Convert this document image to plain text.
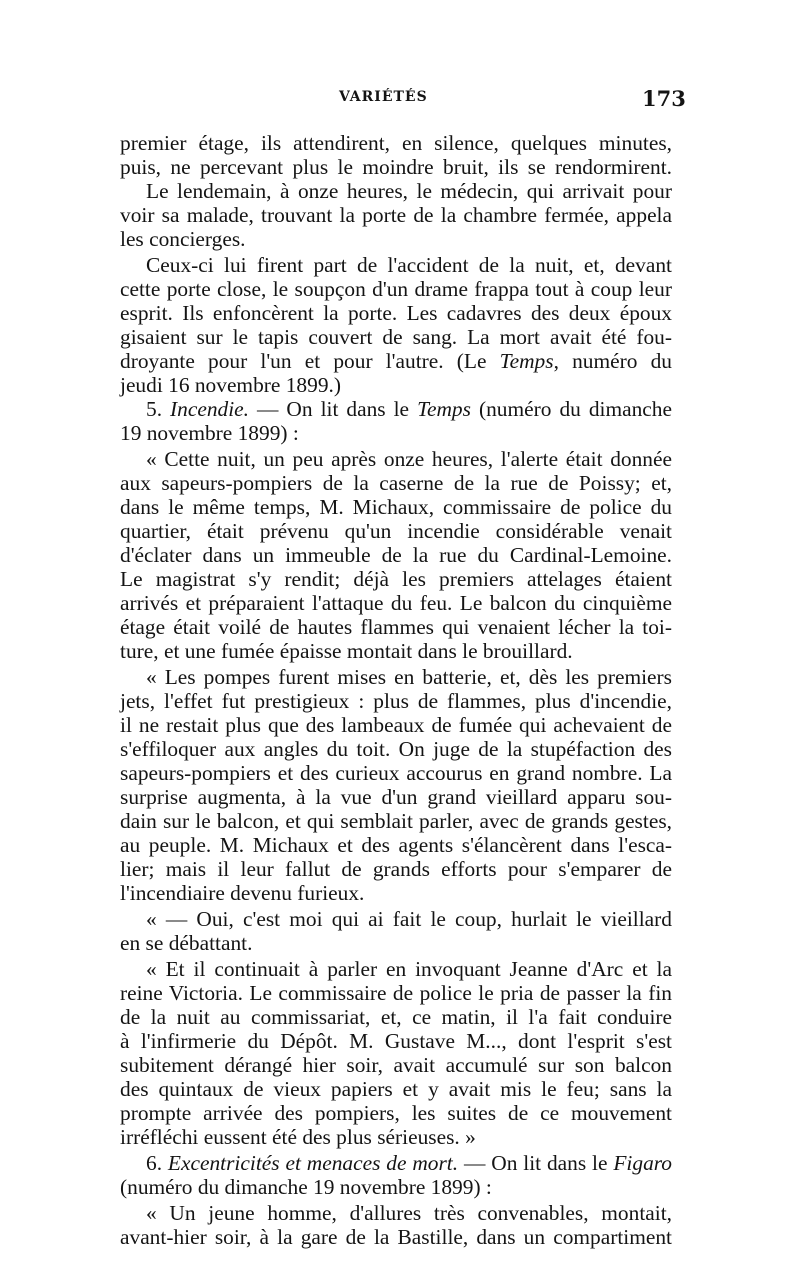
VARIÉTÉS	173
premier étage, ils attendirent, en silence, quelques minutes,
puis, ne percevant plus le moindre bruit, ils se rendormirent.
Le lendemain, à onze heures, le médecin, qui arrivait pour
voir sa malade, trouvant la porte de la chambre fermée, appela
les concierges.
Ceux-ci lui firent part de l'accident de la nuit, et, devant
cette porte close, le soupçon d'un drame frappa tout à coup leur
esprit. Ils enfoncèrent la porte. Les cadavres des deux époux
gisaient sur le tapis couvert de sang. La mort avait été fou-
droyante pour l'un et pour l'autre. (Le Temps, numéro du
jeudi 16 novembre 1899.)
5. Incendie. — On lit dans le Temps (numéro du dimanche
19 novembre 1899) :
« Cette nuit, un peu après onze heures, l'alerte était donnée
aux sapeurs-pompiers de la caserne de la rue de Poissy; et,
dans le même temps, M. Michaux, commissaire de police du
quartier, était prévenu qu'un incendie considérable venait
d'éclater dans un immeuble de la rue du Cardinal-Lemoine.
Le magistrat s'y rendit; déjà les premiers attelages étaient
arrivés et préparaient l'attaque du feu. Le balcon du cinquième
étage était voilé de hautes flammes qui venaient lécher la toi-
ture, et une fumée épaisse montait dans le brouillard.
« Les pompes furent mises en batterie, et, dès les premiers
jets, l'effet fut prestigieux : plus de flammes, plus d'incendie,
il ne restait plus que des lambeaux de fumée qui achevaient de
s'effiloquer aux angles du toit. On juge de la stupéfaction des
sapeurs-pompiers et des curieux accourus en grand nombre. La
surprise augmenta, à la vue d'un grand vieillard apparu sou-
dain sur le balcon, et qui semblait parler, avec de grands gestes,
au peuple. M. Michaux et des agents s'élancèrent dans l'esca-
lier; mais il leur fallut de grands efforts pour s'emparer de
l'incendiaire devenu furieux.
« — Oui, c'est moi qui ai fait le coup, hurlait le vieillard
en se débattant.
« Et il continuait à parler en invoquant Jeanne d'Arc et la
reine Victoria. Le commissaire de police le pria de passer la fin
de la nuit au commissariat, et, ce matin, il l'a fait conduire
à l'infirmerie du Dépôt. M. Gustave M..., dont l'esprit s'est
subitement dérangé hier soir, avait accumulé sur son balcon
des quintaux de vieux papiers et y avait mis le feu; sans la
prompte arrivée des pompiers, les suites de ce mouvement
irréfléchi eussent été des plus sérieuses. »
6. Excentricités et menaces de mort. — On lit dans le Figaro
(numéro du dimanche 19 novembre 1899) :
« Un jeune homme, d'allures très convenables, montait,
avant-hier soir, à la gare de la Bastille, dans un compartiment
